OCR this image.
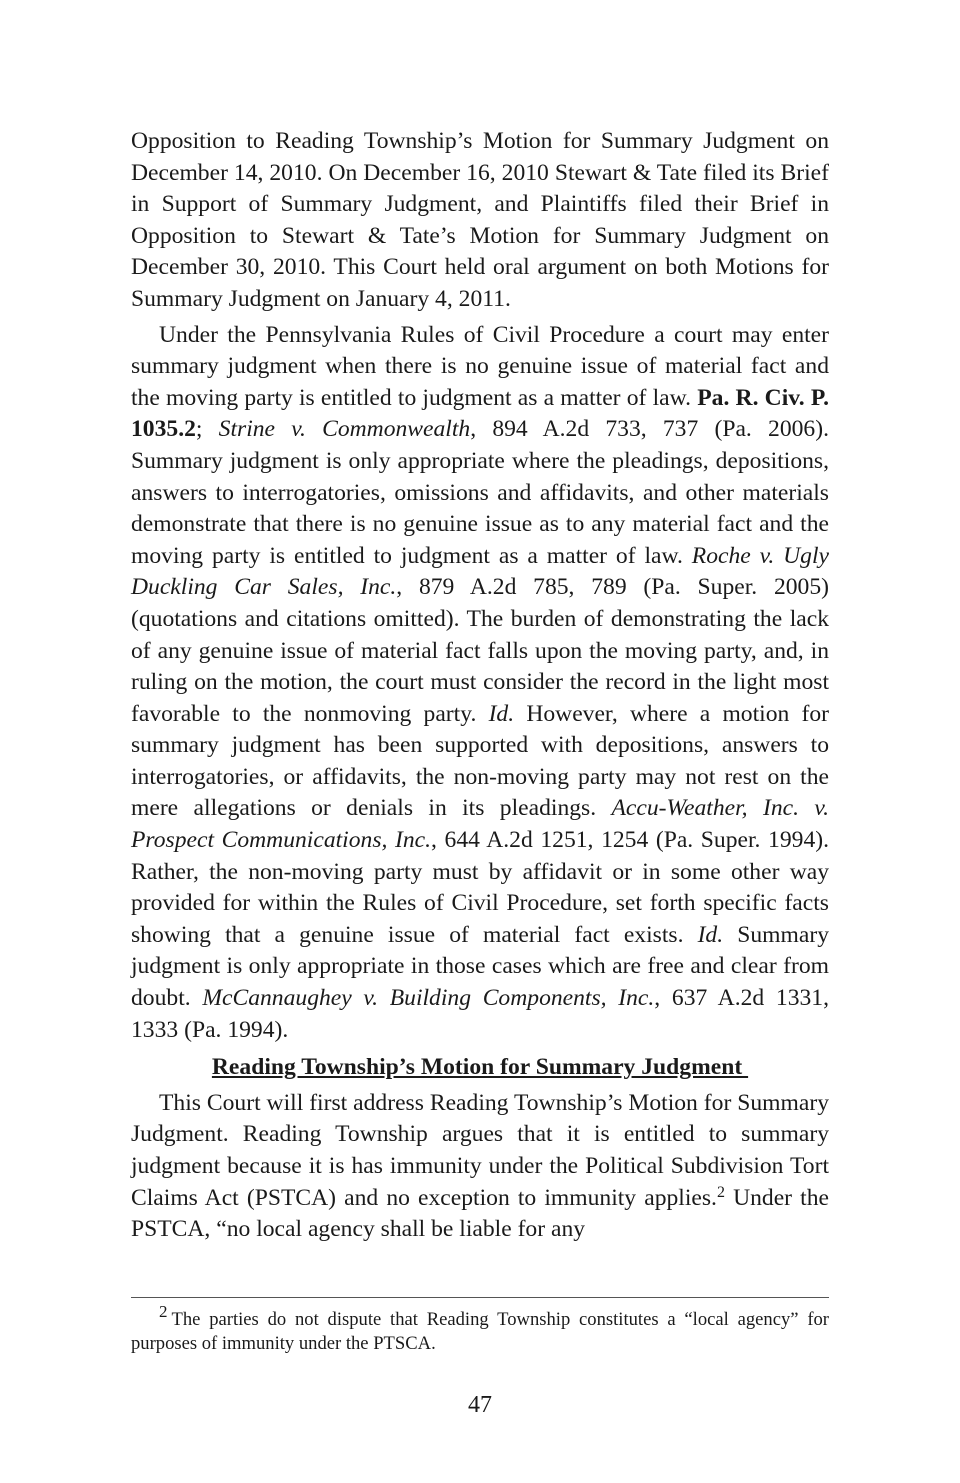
Opposition to Reading Township’s Motion for Summary Judgment on December 14, 2010. On December 16, 2010 Stewart & Tate filed its Brief in Support of Summary Judgment, and Plaintiffs filed their Brief in Opposition to Stewart & Tate’s Motion for Summary Judgment on December 30, 2010. This Court held oral argument on both Motions for Summary Judgment on January 4, 2011.

Under the Pennsylvania Rules of Civil Procedure a court may enter summary judgment when there is no genuine issue of material fact and the moving party is entitled to judgment as a matter of law. Pa. R. Civ. P. 1035.2; Strine v. Commonwealth, 894 A.2d 733, 737 (Pa. 2006). Summary judgment is only appropriate where the pleadings, depositions, answers to interrogatories, omissions and affidavits, and other materials demonstrate that there is no genuine issue as to any material fact and the moving party is entitled to judgment as a matter of law. Roche v. Ugly Duckling Car Sales, Inc., 879 A.2d 785, 789 (Pa. Super. 2005) (quotations and citations omitted). The burden of demonstrating the lack of any genuine issue of material fact falls upon the moving party, and, in ruling on the motion, the court must consider the record in the light most favorable to the nonmoving party. Id. However, where a motion for summary judgment has been supported with depositions, answers to interrogatories, or affidavits, the non-moving party may not rest on the mere allegations or denials in its pleadings. Accu-Weather, Inc. v. Prospect Communications, Inc., 644 A.2d 1251, 1254 (Pa. Super. 1994). Rather, the non-moving party must by affidavit or in some other way provided for within the Rules of Civil Procedure, set forth specific facts showing that a genuine issue of material fact exists. Id. Summary judgment is only appropriate in those cases which are free and clear from doubt. McCannaughey v. Building Components, Inc., 637 A.2d 1331, 1333 (Pa. 1994).

Reading Township’s Motion for Summary Judgment

This Court will first address Reading Township’s Motion for Summary Judgment. Reading Township argues that it is entitled to summary judgment because it is has immunity under the Political Subdivision Tort Claims Act (PSTCA) and no exception to immunity applies.$^2$ Under the PSTCA, “no local agency shall be liable for any

$^2$ The parties do not dispute that Reading Township constitutes a “local agency” for purposes of immunity under the PTSCA.

47
